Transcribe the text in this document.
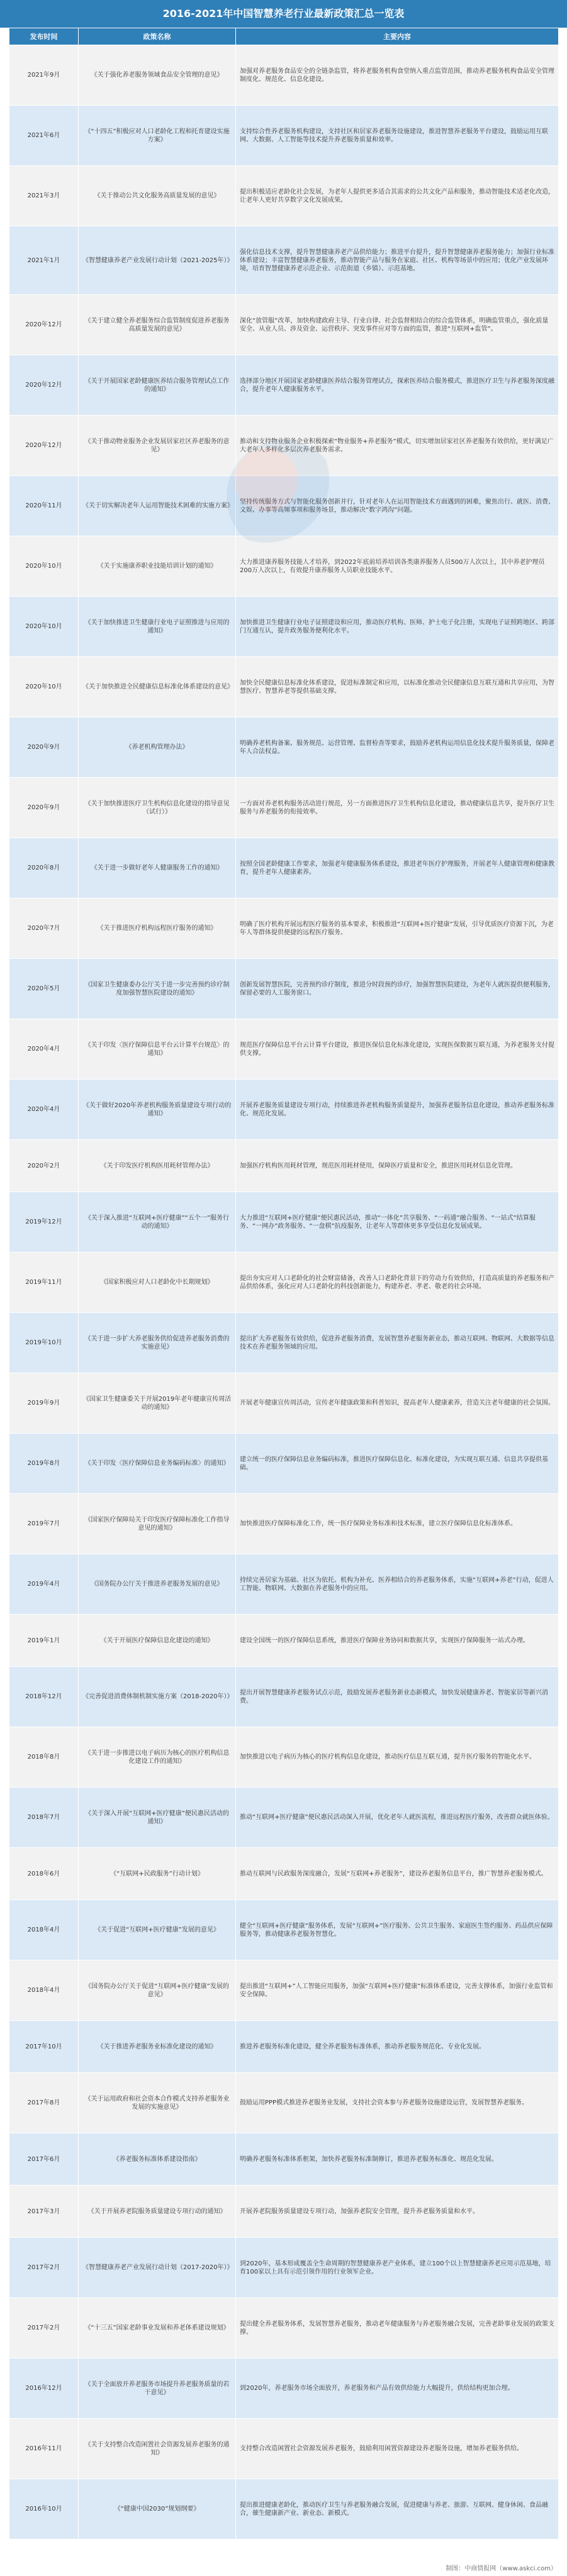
2016-2021年中国智慧养老行业最新政策汇总一览表
发布时间	政策名称	主要内容
2021年9月	《关于强化养老服务领域食品安全管理的意见》	加强对养老服务食品安全的全链条监管，将养老服务机构食堂纳入重点监管范围，推动养老服务机构食品安全管理制度化、规范化、信息化建设。
2021年6月	《“十四五”积极应对人口老龄化工程和托育建设实施方案》	支持综合性养老服务机构建设，支持社区和居家养老服务设施建设，推进智慧养老服务平台建设，鼓励运用互联网、大数据、人工智能等技术提升养老服务质量和效率。
2021年3月	《关于推动公共文化服务高质量发展的意见》	提出积极适应老龄化社会发展，为老年人提供更多适合其需求的公共文化产品和服务，推动智能技术适老化改造，让老年人更好共享数字文化发展成果。
2021年1月	《智慧健康养老产业发展行动计划（2021-2025年）》	强化信息技术支撑，提升智慧健康养老产品供给能力；推进平台提升，提升智慧健康养老服务能力；加强行业标准体系建设；丰富智慧健康养老服务，推动智能产品与服务在家庭、社区、机构等场景中的应用；优化产业发展环境，培育智慧健康养老示范企业、示范街道（乡镇）、示范基地。
2020年12月	《关于建立健全养老服务综合监管制度促进养老服务高质量发展的意见》	深化“放管服”改革，加快构建政府主导、行业自律、社会监督相结合的综合监管体系，明确监管重点，强化质量安全、从业人员、涉及资金、运营秩序、突发事件应对等方面的监管，推进“互联网+监管”。
2020年12月	《关于开展国家老龄健康医养结合服务管理试点工作的通知》	选择部分地区开展国家老龄健康医养结合服务管理试点，探索医养结合服务模式，推进医疗卫生与养老服务深度融合，提升老年人健康服务水平。
2020年12月	《关于推动物业服务企业发展居家社区养老服务的意见》	推动和支持物业服务企业积极探索“物业服务+养老服务”模式，切实增加居家社区养老服务有效供给，更好满足广大老年人多样化多层次养老服务需求。
2020年11月	《关于切实解决老年人运用智能技术困难的实施方案》	坚持传统服务方式与智能化服务创新并行，针对老年人在运用智能技术方面遇到的困难，聚焦出行、就医、消费、文娱、办事等高频事项和服务场景，推动解决“数字鸿沟”问题。
2020年10月	《关于实施康养职业技能培训计划的通知》	大力推进康养服务技能人才培养，到2022年底前培养培训各类康养服务人员500万人次以上，其中养老护理员200万人次以上，有效提升康养服务人员职业技能水平。
2020年10月	《关于加快推进卫生健康行业电子证照推进与应用的通知》	加快推进卫生健康行业电子证照建设和应用，推动医疗机构、医师、护士电子化注册，实现电子证照跨地区、跨部门互通互认，提升政务服务便利化水平。
2020年10月	《关于加快推进全民健康信息标准化体系建设的意见》	加快全民健康信息标准化体系建设，促进标准制定和应用，以标准化推动全民健康信息互联互通和共享应用，为智慧医疗、智慧养老等提供基础支撑。
2020年9月	《养老机构管理办法》	明确养老机构备案、服务规范、运营管理、监督检查等要求，鼓励养老机构运用信息化技术提升服务质量，保障老年人合法权益。
2020年9月	《关于加快推进医疗卫生机构信息化建设的指导意见（试行）》	一方面对养老机构服务活动进行规范，另一方面推进医疗卫生机构信息化建设，推动健康信息共享，提升医疗卫生服务与养老服务的衔接效率。
2020年8月	《关于进一步做好老年人健康服务工作的通知》	按照全国老龄健康工作要求，加强老年健康服务体系建设，推进老年医疗护理服务，开展老年人健康管理和健康教育，提升老年人健康素养。
2020年7月	《关于推进医疗机构远程医疗服务的通知》	明确了医疗机构开展远程医疗服务的基本要求，积极推进“互联网+医疗健康”发展，引导优质医疗资源下沉，为老年人等群体提供便捷的远程医疗服务。
2020年5月	《国家卫生健康委办公厅关于进一步完善预约诊疗制度加强智慧医院建设的通知》	创新发展智慧医院，完善预约诊疗制度，推进分时段预约诊疗，加强智慧医院建设，为老年人就医提供便利服务，保留必要的人工服务窗口。
2020年4月	《关于印发〈医疗保障信息平台云计算平台规范〉的通知》	规范医疗保障信息平台云计算平台建设，推进医保信息化标准化建设，实现医保数据互联互通，为养老服务支付提供支撑。
2020年4月	《关于做好2020年养老机构服务质量建设专项行动的通知》	开展养老服务质量建设专项行动，持续推进养老机构服务质量提升，加强养老服务信息化建设，推动养老服务标准化、规范化发展。
2020年2月	《关于印发医疗机构医用耗材管理办法》	加强医疗机构医用耗材管理，规范医用耗材使用，保障医疗质量和安全，推进医用耗材信息化管理。
2019年12月	《关于深入推进“互联网+医疗健康”“五个一”服务行动的通知》	大力推进“互联网+医疗健康”便民惠民活动，推动“一体化”共享服务、“一码通”融合服务、“一站式”结算服务、“一网办”政务服务、“一盘棋”抗疫服务，让老年人等群体更多享受信息化发展成果。
2019年11月	《国家积极应对人口老龄化中长期规划》	提出夯实应对人口老龄化的社会财富储备，改善人口老龄化背景下的劳动力有效供给，打造高质量的养老服务和产品供给体系，强化应对人口老龄化的科技创新能力，构建养老、孝老、敬老的社会环境。
2019年10月	《关于进一步扩大养老服务供给促进养老服务消费的实施意见》	提出扩大养老服务有效供给，促进养老服务消费，发展智慧养老服务新业态，推动互联网、物联网、大数据等信息技术在养老服务领域的应用。
2019年9月	《国家卫生健康委关于开展2019年老年健康宣传周活动的通知》	开展老年健康宣传周活动，宣传老年健康政策和科普知识，提高老年人健康素养，营造关注老年健康的社会氛围。
2019年8月	《关于印发〈医疗保障信息业务编码标准〉的通知》	建立统一的医疗保障信息业务编码标准，推进医疗保障信息化、标准化建设，为实现互联互通、信息共享提供基础。
2019年7月	《国家医疗保障局关于印发医疗保障标准化工作指导意见的通知》	加快推进医疗保障标准化工作，统一医疗保障业务标准和技术标准，建立医疗保障信息化标准体系。
2019年4月	《国务院办公厅关于推进养老服务发展的意见》	持续完善居家为基础、社区为依托、机构为补充、医养相结合的养老服务体系，实施“互联网+养老”行动，促进人工智能、物联网、大数据在养老服务中的应用。
2019年1月	《关于开展医疗保障信息化建设的通知》	建设全国统一的医疗保障信息系统，推进医疗保障业务协同和数据共享，实现医疗保障服务一站式办理。
2018年12月	《完善促进消费体制机制实施方案（2018-2020年）》	提出开展智慧健康养老服务试点示范，鼓励发展养老服务新业态新模式，加快发展健康养老、智能家居等新兴消费。
2018年8月	《关于进一步推进以电子病历为核心的医疗机构信息化建设工作的通知》	加快推进以电子病历为核心的医疗机构信息化建设，推动医疗信息互联互通，提升医疗服务的智能化水平。
2018年7月	《关于深入开展“互联网+医疗健康”便民惠民活动的通知》	推动“互联网+医疗健康”便民惠民活动深入开展，优化老年人就医流程，推进远程医疗服务，改善群众就医体验。
2018年6月	《“互联网+民政服务”行动计划》	推动互联网与民政服务深度融合，发展“互联网+养老服务”，建设养老服务信息平台，推广智慧养老服务模式。
2018年4月	《关于促进“互联网+医疗健康”发展的意见》	健全“互联网+医疗健康”服务体系，发展“互联网+”医疗服务、公共卫生服务、家庭医生签约服务、药品供应保障服务等，推动健康养老服务智慧化。
2018年4月	《国务院办公厅关于促进“互联网+医疗健康”发展的意见》	提出推进“互联网+”人工智能应用服务，加强“互联网+医疗健康”标准体系建设，完善支撑体系，加强行业监管和安全保障。
2017年10月	《关于推进养老服务业标准化建设的通知》	推进养老服务标准化建设，健全养老服务标准体系，推动养老服务规范化、专业化发展。
2017年8月	《关于运用政府和社会资本合作模式支持养老服务业发展的实施意见》	鼓励运用PPP模式推进养老服务业发展，支持社会资本参与养老服务设施建设运营，发展智慧养老服务。
2017年6月	《养老服务标准体系建设指南》	明确养老服务标准体系框架，加快养老服务标准制修订，推进养老服务标准化、规范化发展。
2017年3月	《关于开展养老院服务质量建设专项行动的通知》	开展养老院服务质量建设专项行动，加强养老院安全管理，提升养老服务质量和水平。
2017年2月	《智慧健康养老产业发展行动计划（2017-2020年）》	到2020年，基本形成覆盖全生命周期的智慧健康养老产业体系，建立100个以上智慧健康养老应用示范基地，培育100家以上具有示范引领作用的行业领军企业。
2017年2月	《“十三五”国家老龄事业发展和养老体系建设规划》	提出健全养老服务体系，发展智慧养老服务，推动老年健康服务与养老服务融合发展，完善老龄事业发展的政策支撑。
2016年12月	《关于全面放开养老服务市场提升养老服务质量的若干意见》	到2020年，养老服务市场全面放开，养老服务和产品有效供给能力大幅提升，供给结构更加合理。
2016年11月	《关于支持整合改造闲置社会资源发展养老服务的通知》	支持整合改造闲置社会资源发展养老服务，鼓励利用闲置资源建设养老服务设施，增加养老服务供给。
2016年10月	《“健康中国2030”规划纲要》	提出推进健康老龄化，推动医疗卫生与养老服务融合发展，促进健康与养老、旅游、互联网、健身休闲、食品融合，催生健康新产业、新业态、新模式。
制图：中商情报网（www.askci.com）
